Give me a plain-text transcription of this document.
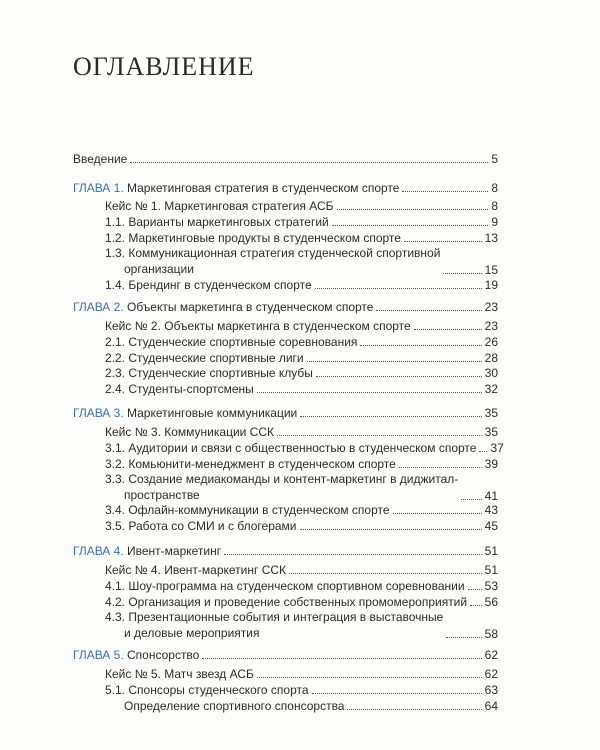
ОГЛАВЛЕНИЕ
Введение	5
ГЛАВА 1. Маркетинговая стратегия в студенческом спорте	8
Кейс № 1. Маркетинговая стратегия АСБ	8
1.1. Варианты маркетинговых стратегий	9
1.2. Маркетинговые продукты в студенческом спорте	13
1.3. Коммуникационная стратегия студенческой спортивной
организации	15
1.4. Брендинг в студенческом спорте	19
ГЛАВА 2. Объекты маркетинга в студенческом спорте	23
Кейс № 2. Объекты маркетинга в студенческом спорте	23
2.1. Студенческие спортивные соревнования	26
2.2. Студенческие спортивные лиги	28
2.3. Студенческие спортивные клубы	30
2.4. Студенты-спортсмены	32
ГЛАВА 3. Маркетинговые коммуникации	35
Кейс № 3. Коммуникации ССК	35
3.1. Аудитории и связи с общественностью в студенческом спорте 37
3.2. Комьюнити-менеджмент в студенческом спорте	39
3.3. Создание медиакоманды и контент-маркетинг в диджитал-
пространстве	41
3.4. Офлайн-коммуникации в студенческом спорте	43
3.5. Работа со СМИ и с блогерами	45
ГЛАВА 4. Ивент-маркетинг	51
Кейс № 4. Ивент-маркетинг ССК	51
4.1. Шоу-программа на студенческом спортивном соревновании 53
4.2. Организация и проведение собственных промомероприятий 56
4.3. Презентационные события и интеграция в выставочные
и деловые мероприятия	58
ГЛАВА 5. Спонсорство	62
Кейс № 5. Матч звезд АСБ	62
5.1. Спонсоры студенческого спорта	63
Определение спортивного спонсорства	64
